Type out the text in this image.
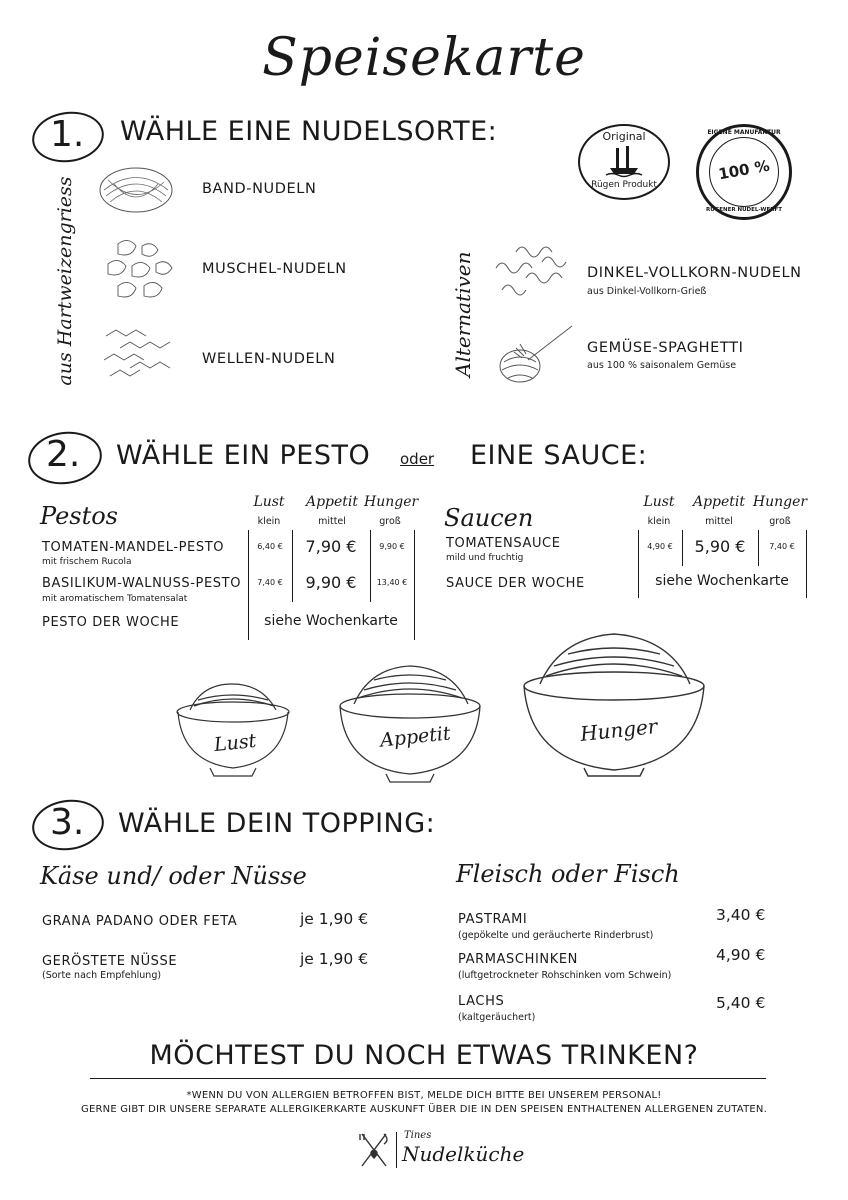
Speisekarte
1. WÄHLE EINE NUDELSORTE:
aus Hartweizengriess	BAND-NUDELN
MUSCHEL-NUDELN
WELLEN-NUDELN
Original
Rügen Produkt
EIGENE MANUFAKTUR
100 %
RÜGENER NUDEL-WERFT
Alternativen	DINKEL-VOLLKORN-NUDELN
aus Dinkel-Vollkorn-Grieß
GEMÜSE-SPAGHETTI
aus 100 % saisonalem Gemüse
2. WÄHLE EIN PESTO oder EINE SAUCE:
Pestos	Lust
klein
Appetit
mittel
Hunger
groß
TOMATEN-MANDEL-PESTO
mit frischem Rucola
6,40 €	7,90 €	9,90 €
BASILIKUM-WALNUSS-PESTO
mit aromatischem Tomatensalat
7,40 €	9,90 €	13,40 €
PESTO DER WOCHE	siehe Wochenkarte
Saucen
Lust
klein
Appetit
mittel
Hunger
groß
TOMATENSAUCE
mild und fruchtig
4,90 €	5,90 €	7,40 €
SAUCE DER WOCHE	siehe Wochenkarte
Lust	Appetit	Hunger
3. WÄHLE DEIN TOPPING:
Käse und/ oder Nüsse	Fleisch oder Fisch
GRANA PADANO ODER FETA	je 1,90 €
GERÖSTETE NÜSSE
(Sorte nach Empfehlung)
je 1,90 €
PASTRAMI
(gepökelte und geräucherte Rinderbrust)
3,40 €
PARMASCHINKEN
(luftgetrockneter Rohschinken vom Schwein)
4,90 €
LACHS
(kaltgeräuchert)
5,40 €
MÖCHTEST DU NOCH ETWAS TRINKEN?
*WENN DU VON ALLERGIEN BETROFFEN BIST, MELDE DICH BITTE BEI UNSEREM PERSONAL!
GERNE GIBT DIR UNSERE SEPARATE ALLERGIKERKARTE AUSKUNFT ÜBER DIE IN DEN SPEISEN ENTHALTENEN ALLERGENEN ZUTATEN.
Tines
Nudelküche
